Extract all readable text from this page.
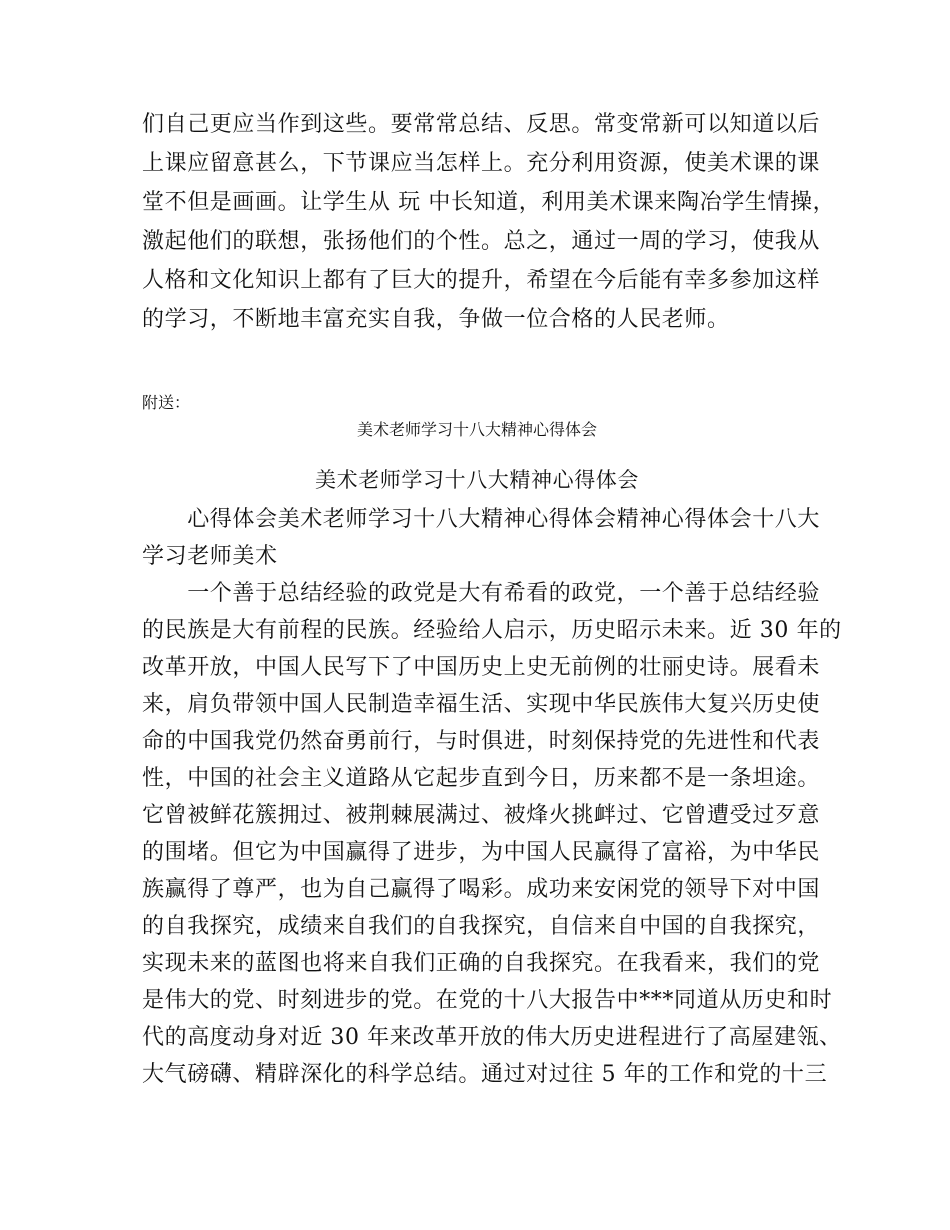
们自己更应当作到这些。要常常总结、反思。常变常新可以知道以后
上课应留意甚么，下节课应当怎样上。充分利用资源，使美术课的课
堂不但是画画。让学生从 玩 中长知道，利用美术课来陶冶学生情操，
激起他们的联想，张扬他们的个性。总之，通过一周的学习，使我从
人格和文化知识上都有了巨大的提升，希望在今后能有幸多参加这样
的学习，不断地丰富充实自我，争做一位合格的人民老师。
附送：
美术老师学习十八大精神心得体会
美术老师学习十八大精神心得体会
　　心得体会美术老师学习十八大精神心得体会精神心得体会十八大
学习老师美术
　　一个善于总结经验的政党是大有希看的政党，一个善于总结经验
的民族是大有前程的民族。经验给人启示，历史昭示未来。近 30 年的
改革开放，中国人民写下了中国历史上史无前例的壮丽史诗。展看未
来，肩负带领中国人民制造幸福生活、实现中华民族伟大复兴历史使
命的中国我党仍然奋勇前行，与时俱进，时刻保持党的先进性和代表
性，中国的社会主义道路从它起步直到今日，历来都不是一条坦途。
它曾被鲜花簇拥过、被荆棘展满过、被烽火挑衅过、它曾遭受过歹意
的围堵。但它为中国赢得了进步，为中国人民赢得了富裕，为中华民
族赢得了尊严，也为自己赢得了喝彩。成功来安闲党的领导下对中国
的自我探究，成绩来自我们的自我探究，自信来自中国的自我探究，
实现未来的蓝图也将来自我们正确的自我探究。在我看来，我们的党
是伟大的党、时刻进步的党。在党的十八大报告中***同道从历史和时
代的高度动身对近 30 年来改革开放的伟大历史进程进行了高屋建瓴、
大气磅礴、精辟深化的科学总结。通过对过往 5 年的工作和党的十三
